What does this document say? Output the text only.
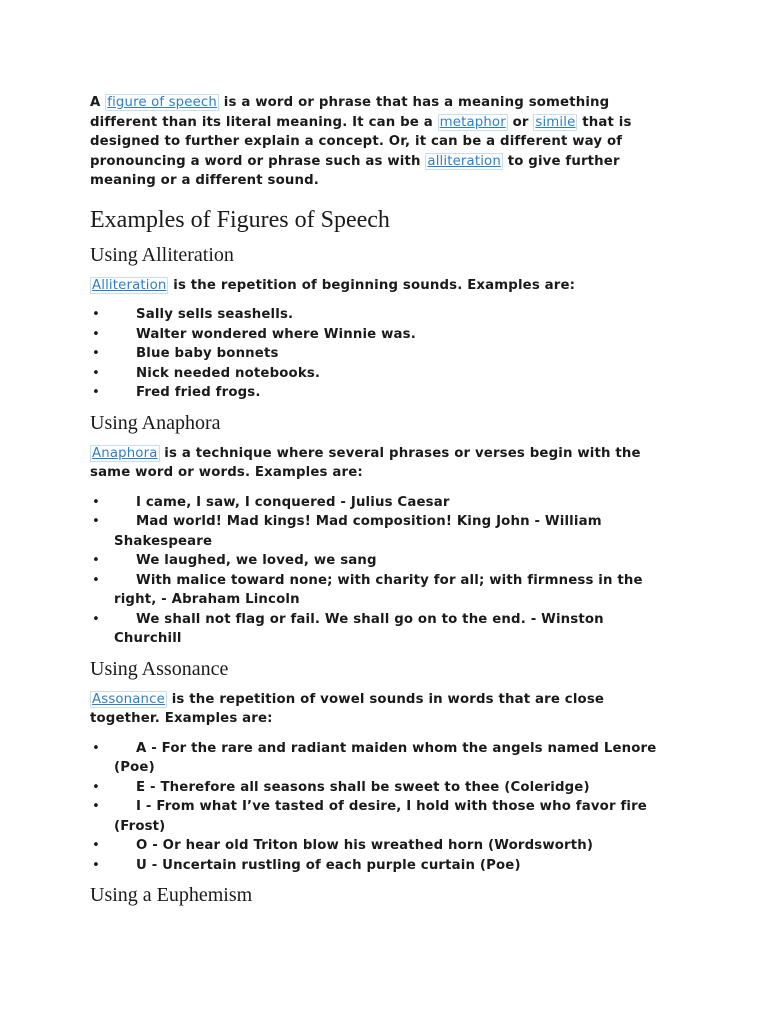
A figure of speech is a word or phrase that has a meaning something different than its literal meaning. It can be a metaphor or simile that is designed to further explain a concept. Or, it can be a different way of pronouncing a word or phrase such as with alliteration to give further meaning or a different sound.

Examples of Figures of Speech
Using Alliteration

Alliteration is the repetition of beginning sounds. Examples are:

•	Sally sells seashells.
•	Walter wondered where Winnie was.
•	Blue baby bonnets
•	Nick needed notebooks.
•	Fred fried frogs.
Using Anaphora

Anaphora is a technique where several phrases or verses begin with the same word or words. Examples are:

•	I came, I saw, I conquered - Julius Caesar
•	Mad world! Mad kings! Mad composition! King John - William Shakespeare
•	We laughed, we loved, we sang
•	With malice toward none; with charity for all; with firmness in the right, - Abraham Lincoln
•	We shall not flag or fail. We shall go on to the end. - Winston Churchill
Using Assonance

Assonance is the repetition of vowel sounds in words that are close together. Examples are:

•	A - For the rare and radiant maiden whom the angels named Lenore (Poe)
•	E - Therefore all seasons shall be sweet to thee (Coleridge)
•	I - From what I’ve tasted of desire, I hold with those who favor fire (Frost)
•	O - Or hear old Triton blow his wreathed horn (Wordsworth)
•	U - Uncertain rustling of each purple curtain (Poe)
Using a Euphemism
